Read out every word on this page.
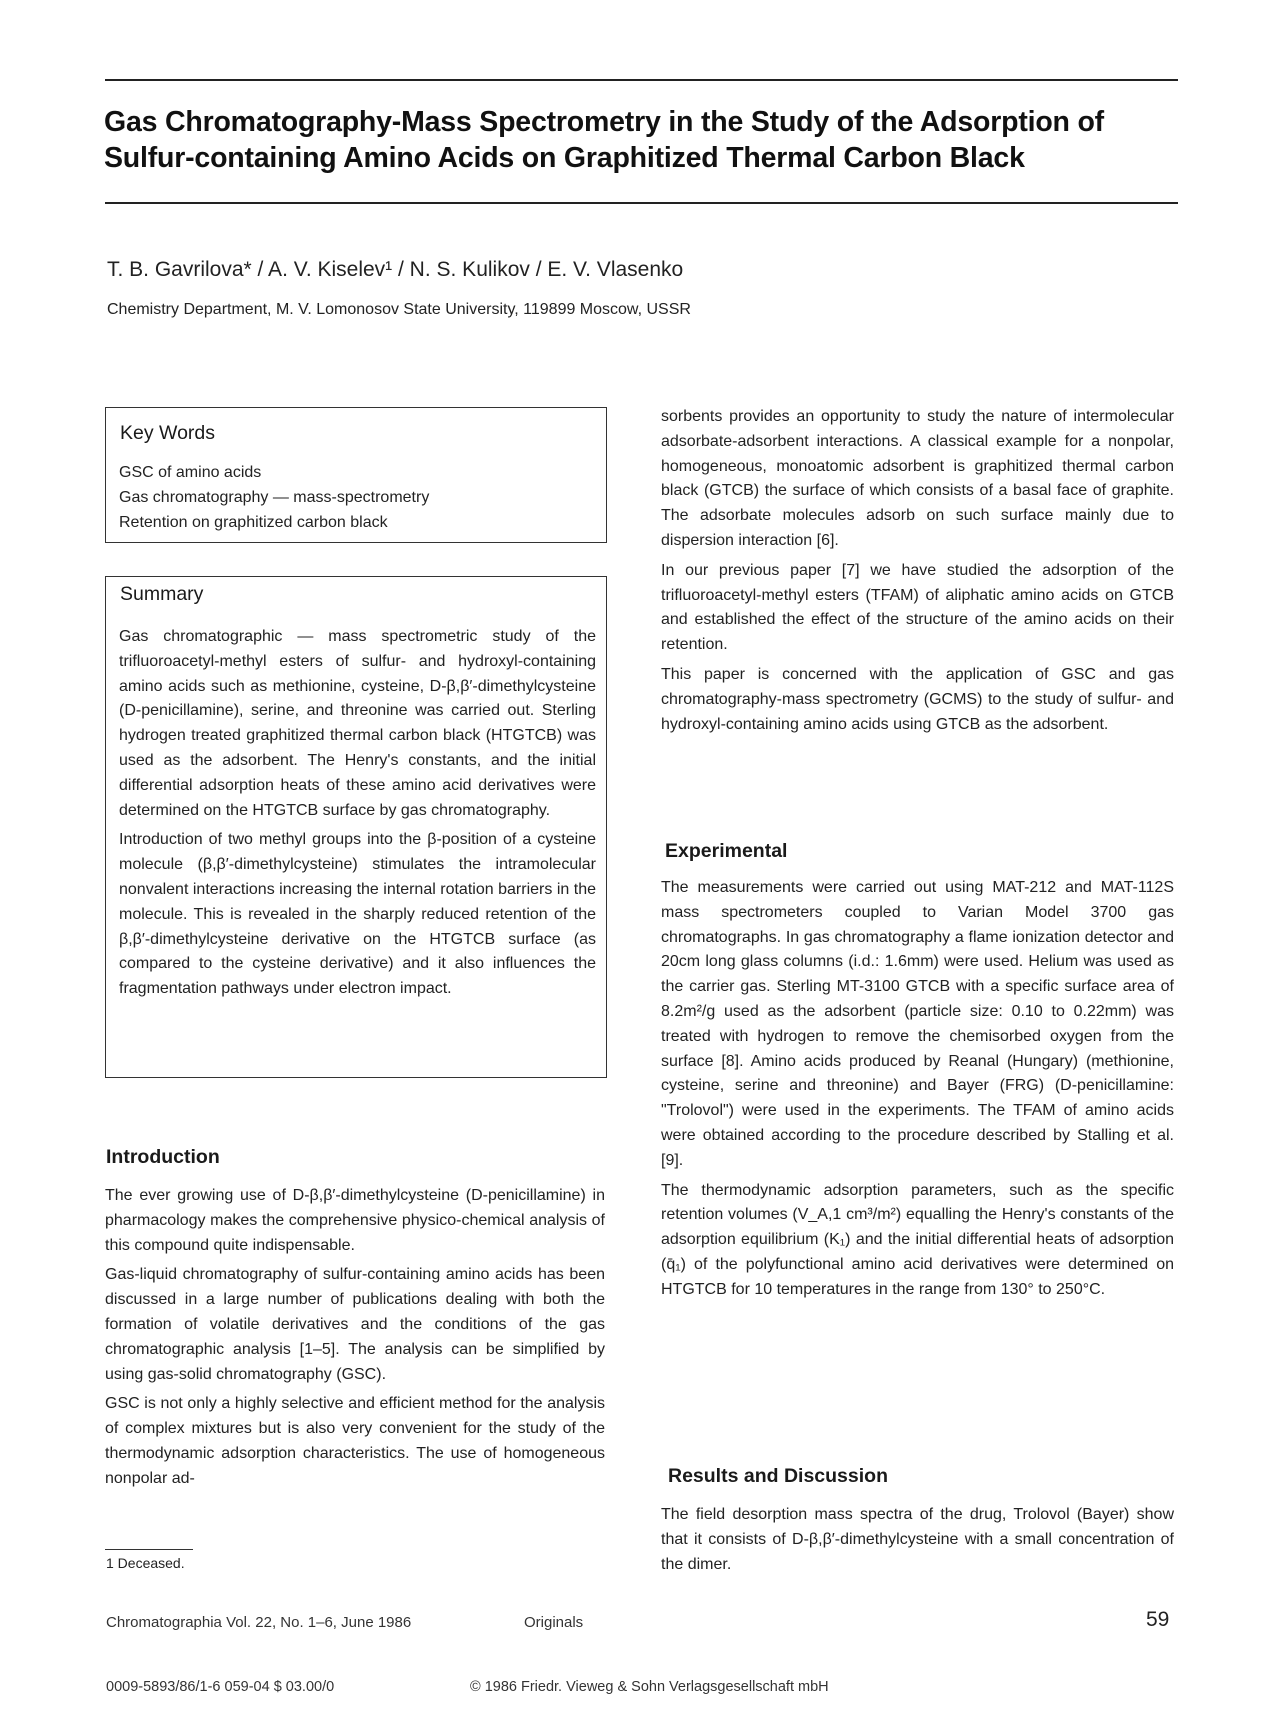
Gas Chromatography-Mass Spectrometry in the Study of the Adsorption of Sulfur-containing Amino Acids on Graphitized Thermal Carbon Black
T. B. Gavrilova* / A. V. Kiselev¹ / N. S. Kulikov / E. V. Vlasenko
Chemistry Department, M. V. Lomonosov State University, 119899 Moscow, USSR
Key Words
GSC of amino acids
Gas chromatography — mass-spectrometry
Retention on graphitized carbon black
Summary

Gas chromatographic — mass spectrometric study of the trifluoroacetyl-methyl esters of sulfur- and hydroxyl-containing amino acids such as methionine, cysteine, D-β,β′-dimethylcysteine (D-penicillamine), serine, and threonine was carried out. Sterling hydrogen treated graphitized thermal carbon black (HTGTCB) was used as the adsorbent. The Henry's constants, and the initial differential adsorption heats of these amino acid derivatives were determined on the HTGTCB surface by gas chromatography.

Introduction of two methyl groups into the β-position of a cysteine molecule (β,β′-dimethylcysteine) stimulates the intramolecular nonvalent interactions increasing the internal rotation barriers in the molecule. This is revealed in the sharply reduced retention of the β,β′-dimethylcysteine derivative on the HTGTCB surface (as compared to the cysteine derivative) and it also influences the fragmentation pathways under electron impact.

Introduction

The ever growing use of D-β,β′-dimethylcysteine (D-penicillamine) in pharmacology makes the comprehensive physico-chemical analysis of this compound quite indispensable.

Gas-liquid chromatography of sulfur-containing amino acids has been discussed in a large number of publications dealing with both the formation of volatile derivatives and the conditions of the gas chromatographic analysis [1–5]. The analysis can be simplified by using gas-solid chromatography (GSC).

GSC is not only a highly selective and efficient method for the analysis of complex mixtures but is also very convenient for the study of the thermodynamic adsorption characteristics. The use of homogeneous nonpolar ad-

sorbents provides an opportunity to study the nature of intermolecular adsorbate-adsorbent interactions. A classical example for a nonpolar, homogeneous, monoatomic adsorbent is graphitized thermal carbon black (GTCB) the surface of which consists of a basal face of graphite. The adsorbate molecules adsorb on such surface mainly due to dispersion interaction [6].

In our previous paper [7] we have studied the adsorption of the trifluoroacetyl-methyl esters (TFAM) of aliphatic amino acids on GTCB and established the effect of the structure of the amino acids on their retention.

This paper is concerned with the application of GSC and gas chromatography-mass spectrometry (GCMS) to the study of sulfur- and hydroxyl-containing amino acids using GTCB as the adsorbent.

Experimental

The measurements were carried out using MAT-212 and MAT-112S mass spectrometers coupled to Varian Model 3700 gas chromatographs. In gas chromatography a flame ionization detector and 20cm long glass columns (i.d.: 1.6mm) were used. Helium was used as the carrier gas. Sterling MT-3100 GTCB with a specific surface area of 8.2m²/g used as the adsorbent (particle size: 0.10 to 0.22mm) was treated with hydrogen to remove the chemisorbed oxygen from the surface [8]. Amino acids produced by Reanal (Hungary) (methionine, cysteine, serine and threonine) and Bayer (FRG) (D-penicillamine: "Trolovol") were used in the experiments. The TFAM of amino acids were obtained according to the procedure described by Stalling et al. [9].

The thermodynamic adsorption parameters, such as the specific retention volumes (V_A,1 cm³/m²) equalling the Henry's constants of the adsorption equilibrium (K₁) and the initial differential heats of adsorption (q̄₁) of the polyfunctional amino acid derivatives were determined on HTGTCB for 10 temperatures in the range from 130° to 250°C.

Results and Discussion

The field desorption mass spectra of the drug, Trolovol (Bayer) show that it consists of D-β,β′-dimethylcysteine with a small concentration of the dimer.

1 Deceased.
Chromatographia Vol. 22, No. 1–6, June 1986	Originals	59
0009-5893/86/1-6 059-04 $ 03.00/0	© 1986 Friedr. Vieweg & Sohn Verlagsgesellschaft mbH
